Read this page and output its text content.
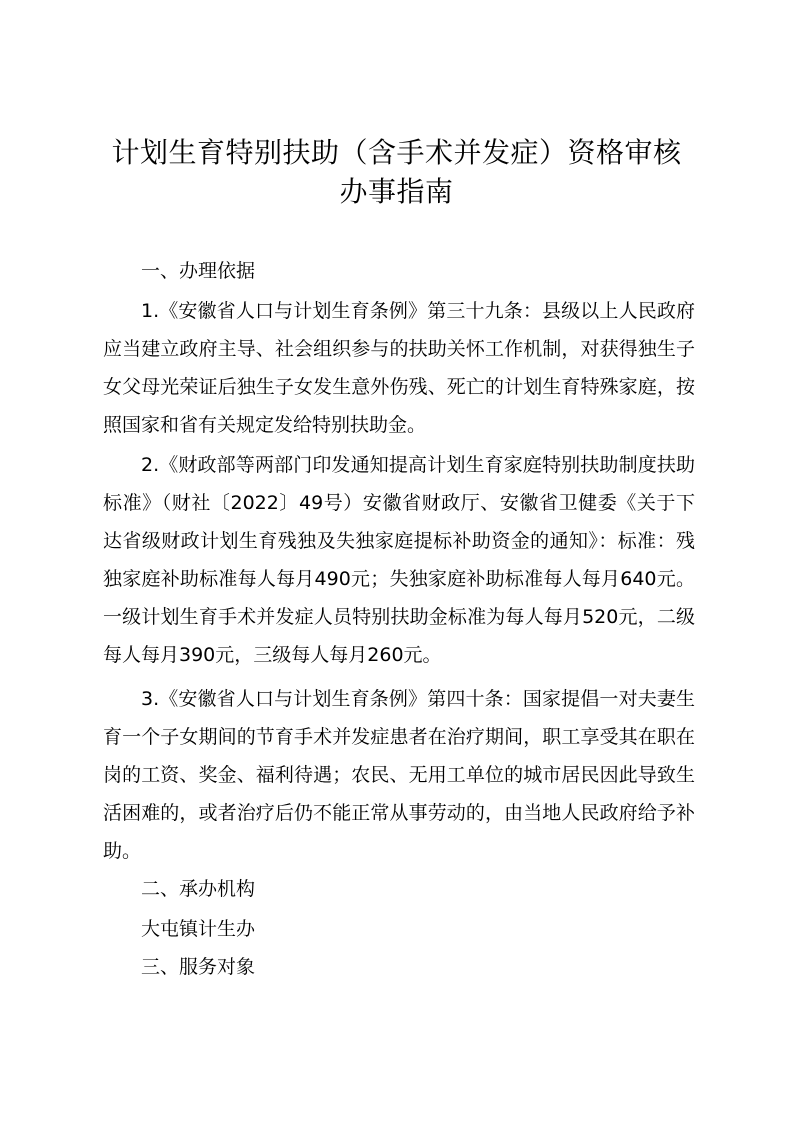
计划生育特别扶助（含手术并发症）资格审核
办事指南

一、办理依据

1.《安徽省人口与计划生育条例》第三十九条：县级以上人民政府应当建立政府主导、社会组织参与的扶助关怀工作机制，对获得独生子女父母光荣证后独生子女发生意外伤残、死亡的计划生育特殊家庭，按照国家和省有关规定发给特别扶助金。

2.《财政部等两部门印发通知提高计划生育家庭特别扶助制度扶助标准》（财社〔2022〕49号）安徽省财政厅、安徽省卫健委《关于下达省级财政计划生育残独及失独家庭提标补助资金的通知》：标准：残独家庭补助标准每人每月490元；失独家庭补助标准每人每月640元。一级计划生育手术并发症人员特别扶助金标准为每人每月520元，二级每人每月390元，三级每人每月260元。

3.《安徽省人口与计划生育条例》第四十条：国家提倡一对夫妻生育一个子女期间的节育手术并发症患者在治疗期间，职工享受其在职在岗的工资、奖金、福利待遇；农民、无用工单位的城市居民因此导致生活困难的，或者治疗后仍不能正常从事劳动的，由当地人民政府给予补助。

二、承办机构

大屯镇计生办

三、服务对象
